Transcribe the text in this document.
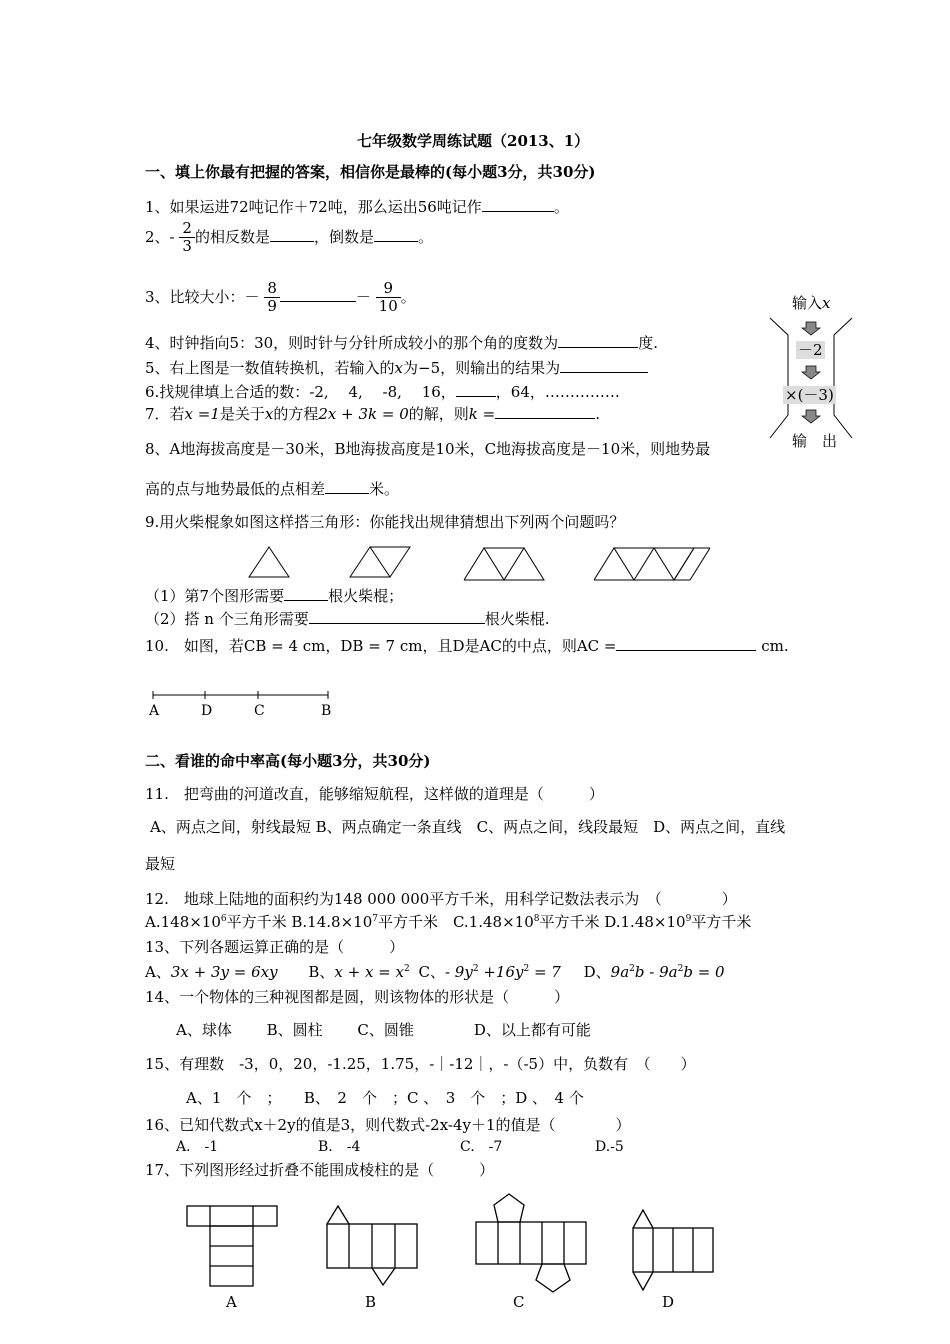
七年级数学周练试题（2013、1）
一、填上你最有把握的答案，相信你是最棒的(每小题3分，共30分)
1、如果运进72吨记作＋72吨，那么运出56吨记作	。
2、- $\frac{2}{3}$ 的相反数是	，倒数是	。
3、比较大小：－ $\frac{8}{9}$	－ $\frac{9}{10}$ 。
4、时钟指向5：30，则时针与分针所成较小的那个角的度数为	度.
5、右上图是一数值转换机，若输入的x为−5，则输出的结果为
6.找规律填上合适的数：-2,　 4,　 -8,　 16，	，64，……………
7．若x =1是关于x的方程2x + 3k = 0的解，则k =	.
8、A地海拔高度是－30米，B地海拔高度是10米，C地海拔高度是－10米，则地势最
高的点与地势最低的点相差	米。
输入x
－2
×(－3)
输　出
9.用火柴棍象如图这样搭三角形：你能找出规律猜想出下列两个问题吗？
（1）第7个图形需要	根火柴棍；
（2）搭 n 个三角形需要	根火柴棍.
10.　如图，若CB = 4 cm，DB = 7 cm，且D是AC的中点，则AC =	cm.
A	D	C	B
二、看谁的命中率高(每小题3分，共30分)
11.　把弯曲的河道改直，能够缩短航程，这样做的道理是（　　　）
A、两点之间，射线最短 B、两点确定一条直线　C、两点之间，线段最短　D、两点之间，直线
最短
12.　地球上陆地的面积约为148 000 000平方千米，用科学记数法表示为　（　　　　）
$A.148\times 10^6$平方千米 $B.14.8\times 10^7$平方千米　$C.1.48\times 10^8$平方千米 $D.1.48\times 10^9$平方千米
13、下列各题运算正确的是（　　　）
A、3x + 3y = 6xy B、$x + x = x^2$ C、- $9y^2 +16y^2 = 7$ D、$9a^2b - 9a^2b = 0$
14、一个物体的三种视图都是圆，则该物体的形状是（　　　）
A、球体　　 B、圆柱　　 C、圆锥　　　　D、以上都有可能
15、有理数　-3，0，20，-1.25，1.75，-｜-12｜，-（-5）中，负数有　（　　）
A、1　个　；　　B、　2　个　；C 、　3　个　；D 、　4 个
16、已知代数式x＋2y的值是3，则代数式-2x-4y＋1的值是（　　　　）
A.　-1	B.　-4	C.　-7	D.-5
17、下列图形经过折叠不能围成棱柱的是（　　　）
A	B	C	D
